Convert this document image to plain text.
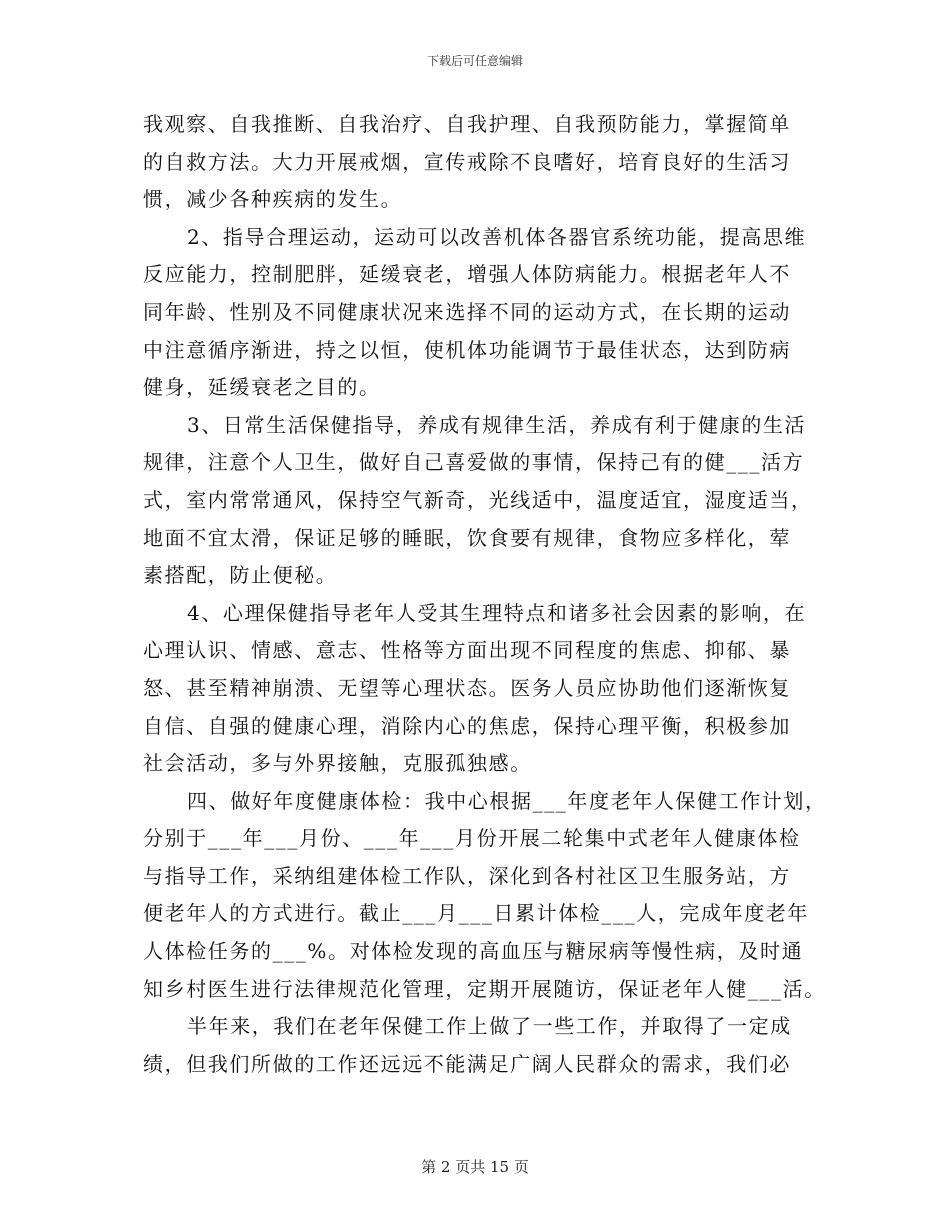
下载后可任意编辑
我观察、自我推断、自我治疗、自我护理、自我预防能力，掌握简单
的自救方法。大力开展戒烟，宣传戒除不良嗜好，培育良好的生活习
惯，减少各种疾病的发生。
2、指导合理运动，运动可以改善机体各器官系统功能，提高思维
反应能力，控制肥胖，延缓衰老，增强人体防病能力。根据老年人不
同年龄、性别及不同健康状况来选择不同的运动方式，在长期的运动
中注意循序渐进，持之以恒，使机体功能调节于最佳状态，达到防病
健身，延缓衰老之目的。
3、日常生活保健指导，养成有规律生活，养成有利于健康的生活
规律，注意个人卫生，做好自己喜爱做的事情，保持己有的健___活方
式，室内常常通风，保持空气新奇，光线适中，温度适宜，湿度适当，
地面不宜太滑，保证足够的睡眠，饮食要有规律，食物应多样化，荤
素搭配，防止便秘。
4、心理保健指导老年人受其生理特点和诸多社会因素的影响，在
心理认识、情感、意志、性格等方面出现不同程度的焦虑、抑郁、暴
怒、甚至精神崩溃、无望等心理状态。医务人员应协助他们逐渐恢复
自信、自强的健康心理，消除内心的焦虑，保持心理平衡，积极参加
社会活动，多与外界接触，克服孤独感。
四、做好年度健康体检：我中心根据___年度老年人保健工作计划，
分别于___年___月份、___年___月份开展二轮集中式老年人健康体检
与指导工作，采纳组建体检工作队，深化到各村社区卫生服务站，方
便老年人的方式进行。截止___月___日累计体检___人，完成年度老年
人体检任务的___%。对体检发现的高血压与糖尿病等慢性病，及时通
知乡村医生进行法律规范化管理，定期开展随访，保证老年人健___活。
半年来，我们在老年保健工作上做了一些工作，并取得了一定成
绩，但我们所做的工作还远远不能满足广阔人民群众的需求，我们必
第 2 页共 15 页
